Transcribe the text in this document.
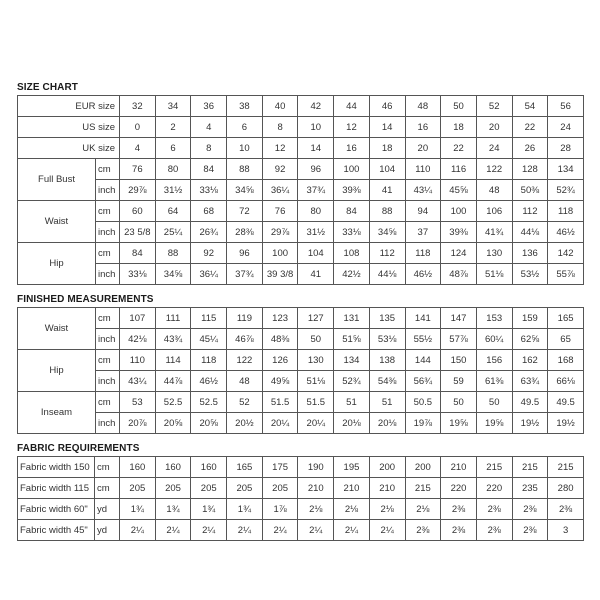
SIZE CHART
EUR size		32	34	36	38	40	42	44	46	48	50	52	54	56
US size		0	2	4	6	8	10	12	14	16	18	20	22	24
UK size		4	6	8	10	12	14	16	18	20	22	24	26	28
Full Bust	cm	76	80	84	88	92	96	100	104	110	116	122	128	134
	inch	29⅞	31½	33⅛	34⅝	36¼	37¾	39⅜	41	43¼	45⅝	48	50⅜	52¾
Waist	cm	60	64	68	72	76	80	84	88	94	100	106	112	118
	inch	23 5/8	25¼	26¾	28⅜	29⅞	31½	33⅛	34⅝	37	39⅜	41¾	44⅛	46½
Hip	cm	84	88	92	96	100	104	108	112	118	124	130	136	142
	inch	33⅛	34⅝	36¼	37¾	39 3/8	41	42½	44⅛	46½	48⅞	51⅛	53½	55⅞
FINISHED MEASUREMENTS
Waist	cm	107	111	115	119	123	127	131	135	141	147	153	159	165
	inch	42⅛	43¾	45¼	46⅞	48⅜	50	51⅝	53⅛	55½	57⅞	60¼	62⅝	65
Hip	cm	110	114	118	122	126	130	134	138	144	150	156	162	168
	inch	43¼	44⅞	46½	48	49⅝	51⅛	52¾	54⅜	56¾	59	61⅜	63¾	66⅛
Inseam	cm	53	52.5	52.5	52	51.5	51.5	51	51	50.5	50	50	49.5	49.5
	inch	20⅞	20⅝	20⅝	20½	20¼	20¼	20⅛	20⅛	19⅞	19⅝	19⅝	19½	19½
FABRIC REQUIREMENTS
Fabric width 150	cm	160	160	160	165	175	190	195	200	200	210	215	215	215
Fabric width 115	cm	205	205	205	205	205	210	210	210	215	220	220	235	280
Fabric width 60"	yd	1¾	1¾	1¾	1¾	1⅞	2⅛	2⅛	2⅛	2⅛	2⅜	2⅜	2⅜	2⅜
Fabric width 45"	yd	2¼	2¼	2¼	2¼	2¼	2¼	2¼	2¼	2⅜	2⅜	2⅜	2⅜	3
